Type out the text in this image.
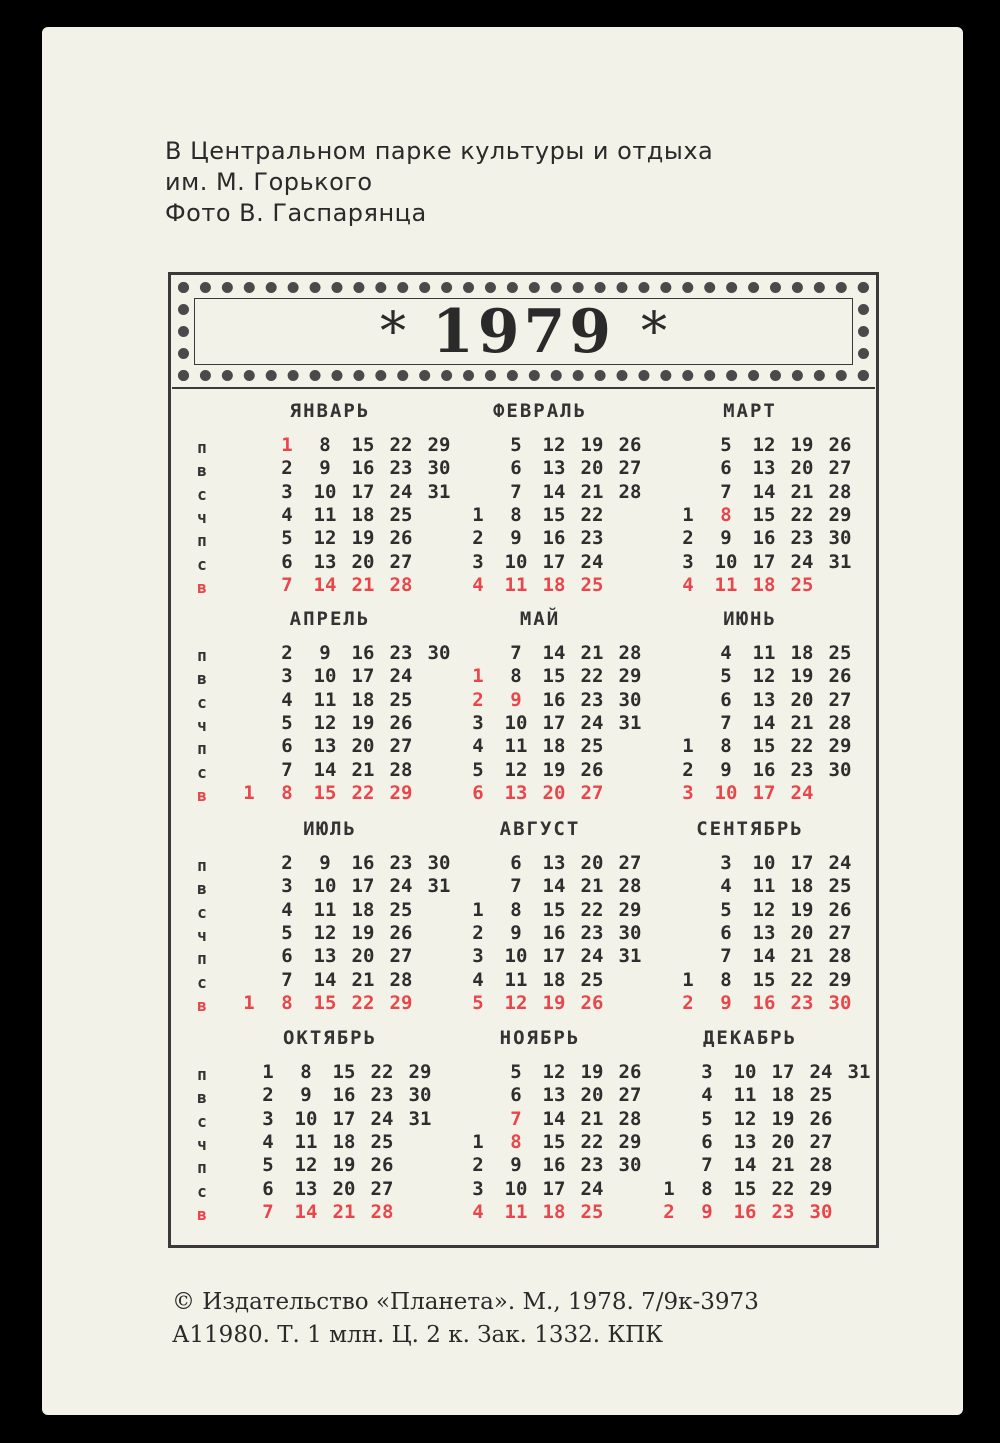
В Центральном парке культуры и отдыха
им. М. Горького
Фото В. Гаспарянца
* 1979 *
п
в
с
ч
п
с
в
п
в
с
ч
п
с
в
п
в
с
ч
п
с
в
п
в
с
ч
п
с
в
ЯНВАРЬ
1
2
3
4
5
6
7
8
9
10
11
12
13
14
15
16
17
18
19
20
21
22
23
24
25
26
27
28
29
30
31
ФЕВРАЛЬ
1
2
3
4
5
6
7
8
9
10
11
12
13
14
15
16
17
18
19
20
21
22
23
24
25
26
27
28
МАРТ
1
2
3
4
5
6
7
8
9
10
11
12
13
14
15
16
17
18
19
20
21
22
23
24
25
26
27
28
29
30
31
АПРЕЛЬ
1
2
3
4
5
6
7
8
9
10
11
12
13
14
15
16
17
18
19
20
21
22
23
24
25
26
27
28
29
30
МАЙ
1
2
3
4
5
6
7
8
9
10
11
12
13
14
15
16
17
18
19
20
21
22
23
24
25
26
27
28
29
30
31
ИЮНЬ
1
2
3
4
5
6
7
8
9
10
11
12
13
14
15
16
17
18
19
20
21
22
23
24
25
26
27
28
29
30
ИЮЛЬ
1
2
3
4
5
6
7
8
9
10
11
12
13
14
15
16
17
18
19
20
21
22
23
24
25
26
27
28
29
30
31
АВГУСТ
1
2
3
4
5
6
7
8
9
10
11
12
13
14
15
16
17
18
19
20
21
22
23
24
25
26
27
28
29
30
31
СЕНТЯБРЬ
1
2
3
4
5
6
7
8
9
10
11
12
13
14
15
16
17
18
19
20
21
22
23
24
25
26
27
28
29
30
ОКТЯБРЬ
1
2
3
4
5
6
7
8
9
10
11
12
13
14
15
16
17
18
19
20
21
22
23
24
25
26
27
28
29
30
31
НОЯБРЬ
1
2
3
4
5
6
7
8
9
10
11
12
13
14
15
16
17
18
19
20
21
22
23
24
25
26
27
28
29
30
ДЕКАБРЬ
1
2
3
4
5
6
7
8
9
10
11
12
13
14
15
16
17
18
19
20
21
22
23
24
25
26
27
28
29
30
31
© Издательство «Планета». М., 1978. 7/9к-3973
А11980. Т. 1 млн. Ц. 2 к. Зак. 1332. КПК
